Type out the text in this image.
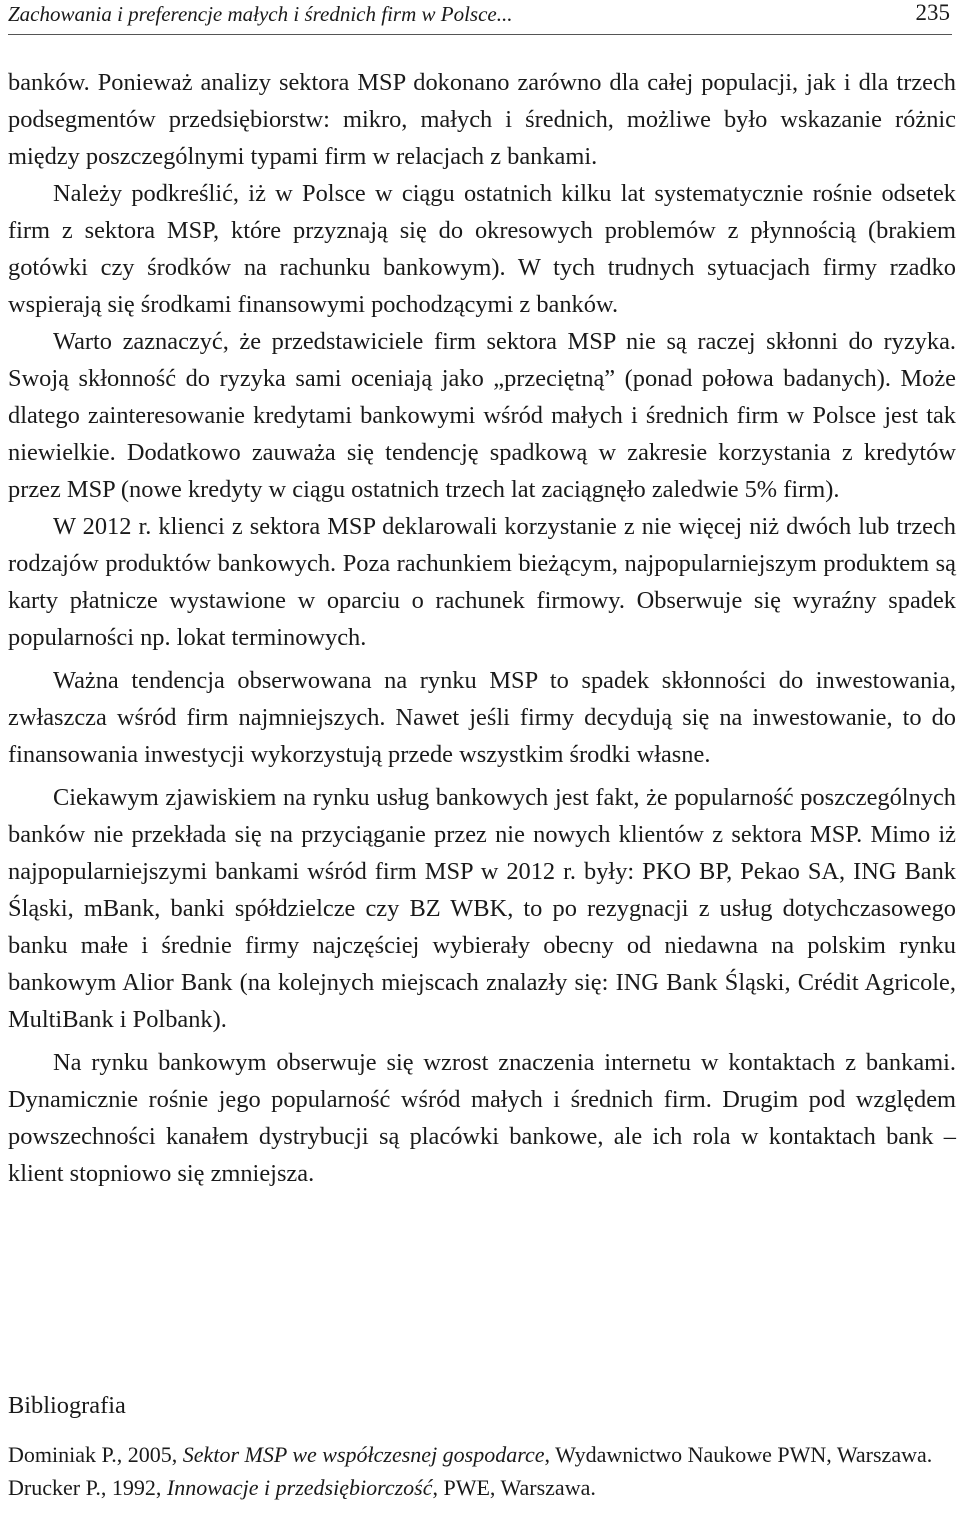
Zachowania i preferencje małych i średnich firm w Polsce...	235

banków. Ponieważ analizy sektora MSP dokonano zarówno dla całej populacji, jak i dla trzech podsegmentów przedsiębiorstw: mikro, małych i średnich, możliwe było wskazanie różnic między poszczególnymi typami firm w relacjach z bankami.

Należy podkreślić, iż w Polsce w ciągu ostatnich kilku lat systematycznie rośnie odsetek firm z sektora MSP, które przyznają się do okresowych problemów z płynnością (brakiem gotówki czy środków na rachunku bankowym). W tych trudnych sytuacjach firmy rzadko wspierają się środkami finansowymi pochodzącymi z banków.

Warto zaznaczyć, że przedstawiciele firm sektora MSP nie są raczej skłonni do ryzyka. Swoją skłonność do ryzyka sami oceniają jako „przeciętną” (ponad połowa badanych). Może dlatego zainteresowanie kredytami bankowymi wśród małych i średnich firm w Polsce jest tak niewielkie. Dodatkowo zauważa się tendencję spadkową w zakresie korzystania z kredytów przez MSP (nowe kredyty w ciągu ostatnich trzech lat zaciągnęło zaledwie 5% firm).

W 2012 r. klienci z sektora MSP deklarowali korzystanie z nie więcej niż dwóch lub trzech rodzajów produktów bankowych. Poza rachunkiem bieżącym, najpopularniejszym produktem są karty płatnicze wystawione w oparciu o rachunek firmowy. Obserwuje się wyraźny spadek popularności np. lokat terminowych.

Ważna tendencja obserwowana na rynku MSP to spadek skłonności do inwestowania, zwłaszcza wśród firm najmniejszych. Nawet jeśli firmy decydują się na inwestowanie, to do finansowania inwestycji wykorzystują przede wszystkim środki własne.

Ciekawym zjawiskiem na rynku usług bankowych jest fakt, że popularność poszczególnych banków nie przekłada się na przyciąganie przez nie nowych klientów z sektora MSP. Mimo iż najpopularniejszymi bankami wśród firm MSP w 2012 r. były: PKO BP, Pekao SA, ING Bank Śląski, mBank, banki spółdzielcze czy BZ WBK, to po rezygnacji z usług dotychczasowego banku małe i średnie firmy najczęściej wybierały obecny od niedawna na polskim rynku bankowym Alior Bank (na kolejnych miejscach znalazły się: ING Bank Śląski, Crédit Agricole, MultiBank i Polbank).

Na rynku bankowym obserwuje się wzrost znaczenia internetu w kontaktach z bankami. Dynamicznie rośnie jego popularność wśród małych i średnich firm. Drugim pod względem powszechności kanałem dystrybucji są placówki bankowe, ale ich rola w kontaktach bank – klient stopniowo się zmniejsza.

Bibliografia
Dominiak P., 2005, Sektor MSP we współczesnej gospodarce, Wydawnictwo Naukowe PWN, Warszawa.
Drucker P., 1992, Innowacje i przedsiębiorczość, PWE, Warszawa.
